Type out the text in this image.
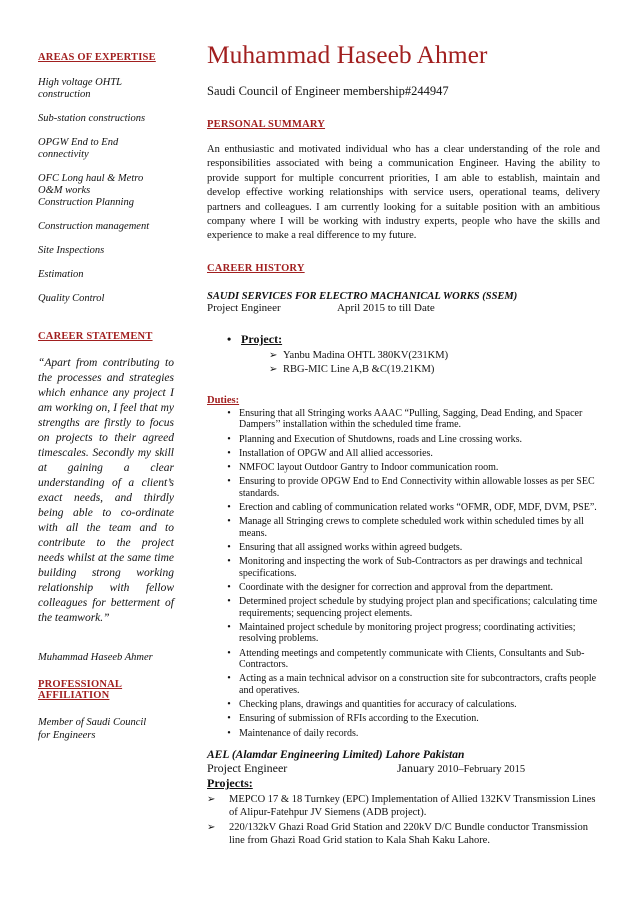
AREAS OF EXPERTISE
High voltage OHTL
construction
Sub-station constructions
OPGW End to End
connectivity
OFC Long haul & Metro
O&M works
Construction Planning
Construction management
Site Inspections
Estimation
Quality Control
CAREER STATEMENT
“Apart from contributing to the processes and strategies which enhance any project I am working on, I feel that my strengths are firstly to focus on projects to their agreed timescales. Secondly my skill at gaining a clear understanding of a client’s exact needs, and thirdly being able to co-ordinate with all the team and to contribute to the project needs whilst at the same time building strong working relationship with fellow colleagues for betterment of the teamwork.”
Muhammad Haseeb Ahmer
PROFESSIONAL
AFFILIATION
Member of Saudi Council
for Engineers
Muhammad Haseeb Ahmer
Saudi Council of Engineer membership#244947
PERSONAL SUMMARY
An enthusiastic and motivated individual who has a clear understanding of the role and responsibilities associated with being a communication Engineer. Having the ability to provide support for multiple concurrent priorities, I am able to establish, maintain and develop effective working relationships with service users, operational teams, delivery partners and colleagues. I am currently looking for a suitable position with an ambitious company where I will be working with industry experts, people who have the skills and experience to make a real difference to my future.
CAREER HISTORY
SAUDI SERVICES FOR ELECTRO MACHANICAL WORKS (SSEM)
Project Engineer	April 2015 to till Date
• Project:
➢ Yanbu Madina OHTL 380KV(231KM)
➢ RBG-MIC Line A,B &C(19.21KM)
Duties:
• Ensuring that all Stringing works AAAC “Pulling, Sagging, Dead Ending, and Spacer Dampers’’ installation within the scheduled time frame.
• Planning and Execution of Shutdowns, roads and Line crossing works.
• Installation of OPGW and All allied accessories.
• NMFOC layout Outdoor Gantry to Indoor communication room.
• Ensuring to provide OPGW End to End Connectivity within allowable losses as per SEC standards.
• Erection and cabling of communication related works “OFMR, ODF, MDF, DVM, PSE”.
• Manage all Stringing crews to complete scheduled work within scheduled times by all means.
• Ensuring that all assigned works within agreed budgets.
• Monitoring and inspecting the work of Sub-Contractors as per drawings and technical specifications.
• Coordinate with the designer for correction and approval from the department.
• Determined project schedule by studying project plan and specifications; calculating time requirements; sequencing project elements.
• Maintained project schedule by monitoring project progress; coordinating activities; resolving problems.
• Attending meetings and competently communicate with Clients, Consultants and Sub-Contractors.
• Acting as a main technical advisor on a construction site for subcontractors, crafts people and operatives.
• Checking plans, drawings and quantities for accuracy of calculations.
• Ensuring of submission of RFIs according to the Execution.
• Maintenance of daily records.
AEL (Alamdar Engineering Limited) Lahore Pakistan
Project Engineer	January 2010–February 2015
Projects:
➢	MEPCO 17 & 18 Turnkey (EPC) Implementation of Allied 132KV Transmission Lines of Alipur-Fatehpur JV Siemens (ADB project).
➢	220/132kV Ghazi Road Grid Station and 220kV D/C Bundle conductor Transmission line from Ghazi Road Grid station to Kala Shah Kaku Lahore.
